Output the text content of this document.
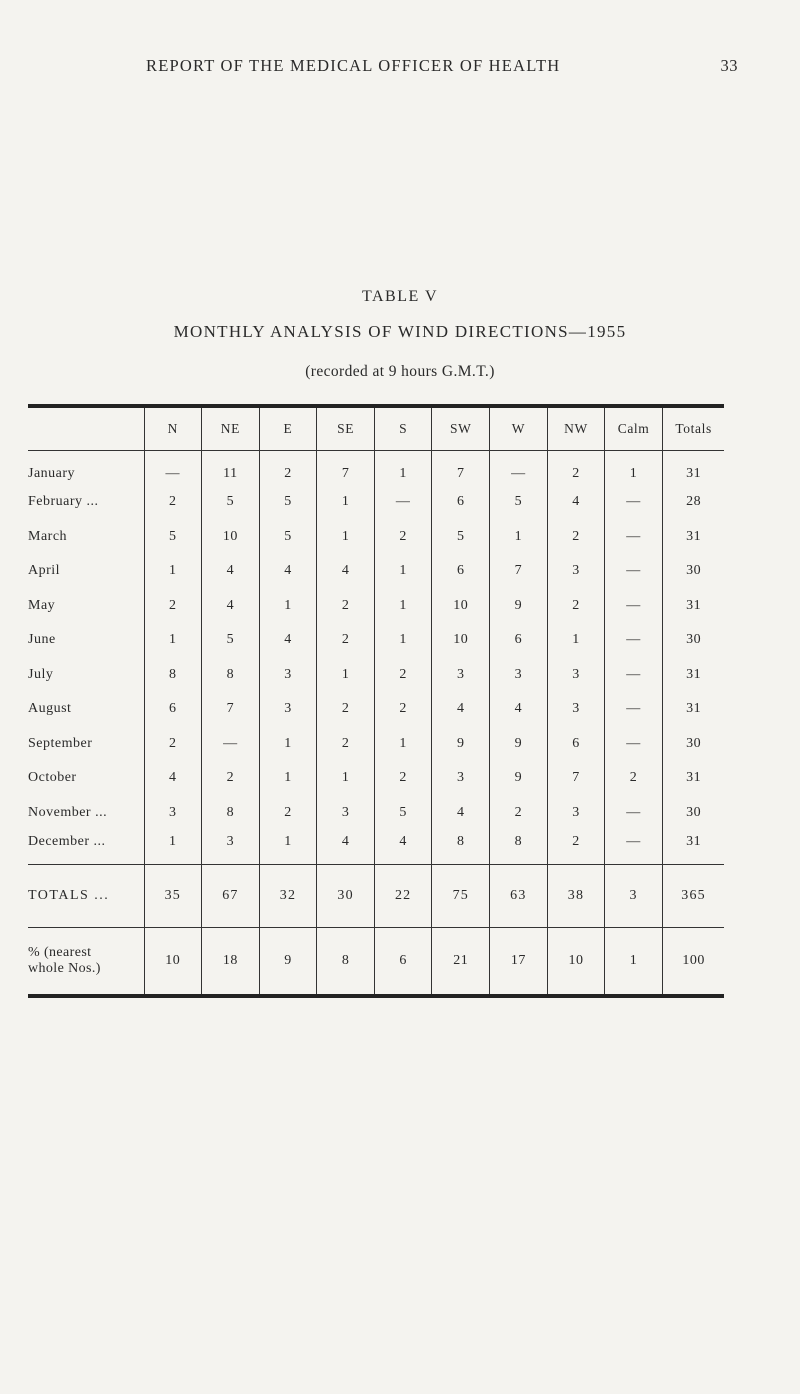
REPORT OF THE MEDICAL OFFICER OF HEALTH	33
TABLE V
MONTHLY ANALYSIS OF WIND DIRECTIONS—1955
(recorded at 9 hours G.M.T.)

	N	NE	E	SE	S	SW	W	NW	Calm	Totals
January	—	11	2	7	1	7	—	2	1	31
February ...	2	5	5	1	—	6	5	4	—	28
March	5	10	5	1	2	5	1	2	—	31
April	1	4	4	4	1	6	7	3	—	30
May	2	4	1	2	1	10	9	2	—	31
June	1	5	4	2	1	10	6	1	—	30
July	8	8	3	1	2	3	3	3	—	31
August	6	7	3	2	2	4	4	3	—	31
September	2	—	1	2	1	9	9	6	—	30
October	4	2	1	1	2	3	9	7	2	31
November ...	3	8	2	3	5	4	2	3	—	30
December ...	1	3	1	4	4	8	8	2	—	31
TOTALS ...	35	67	32	30	22	75	63	38	3	365
% (nearest
whole Nos.)	10	18	9	8	6	21	17	10	1	100
